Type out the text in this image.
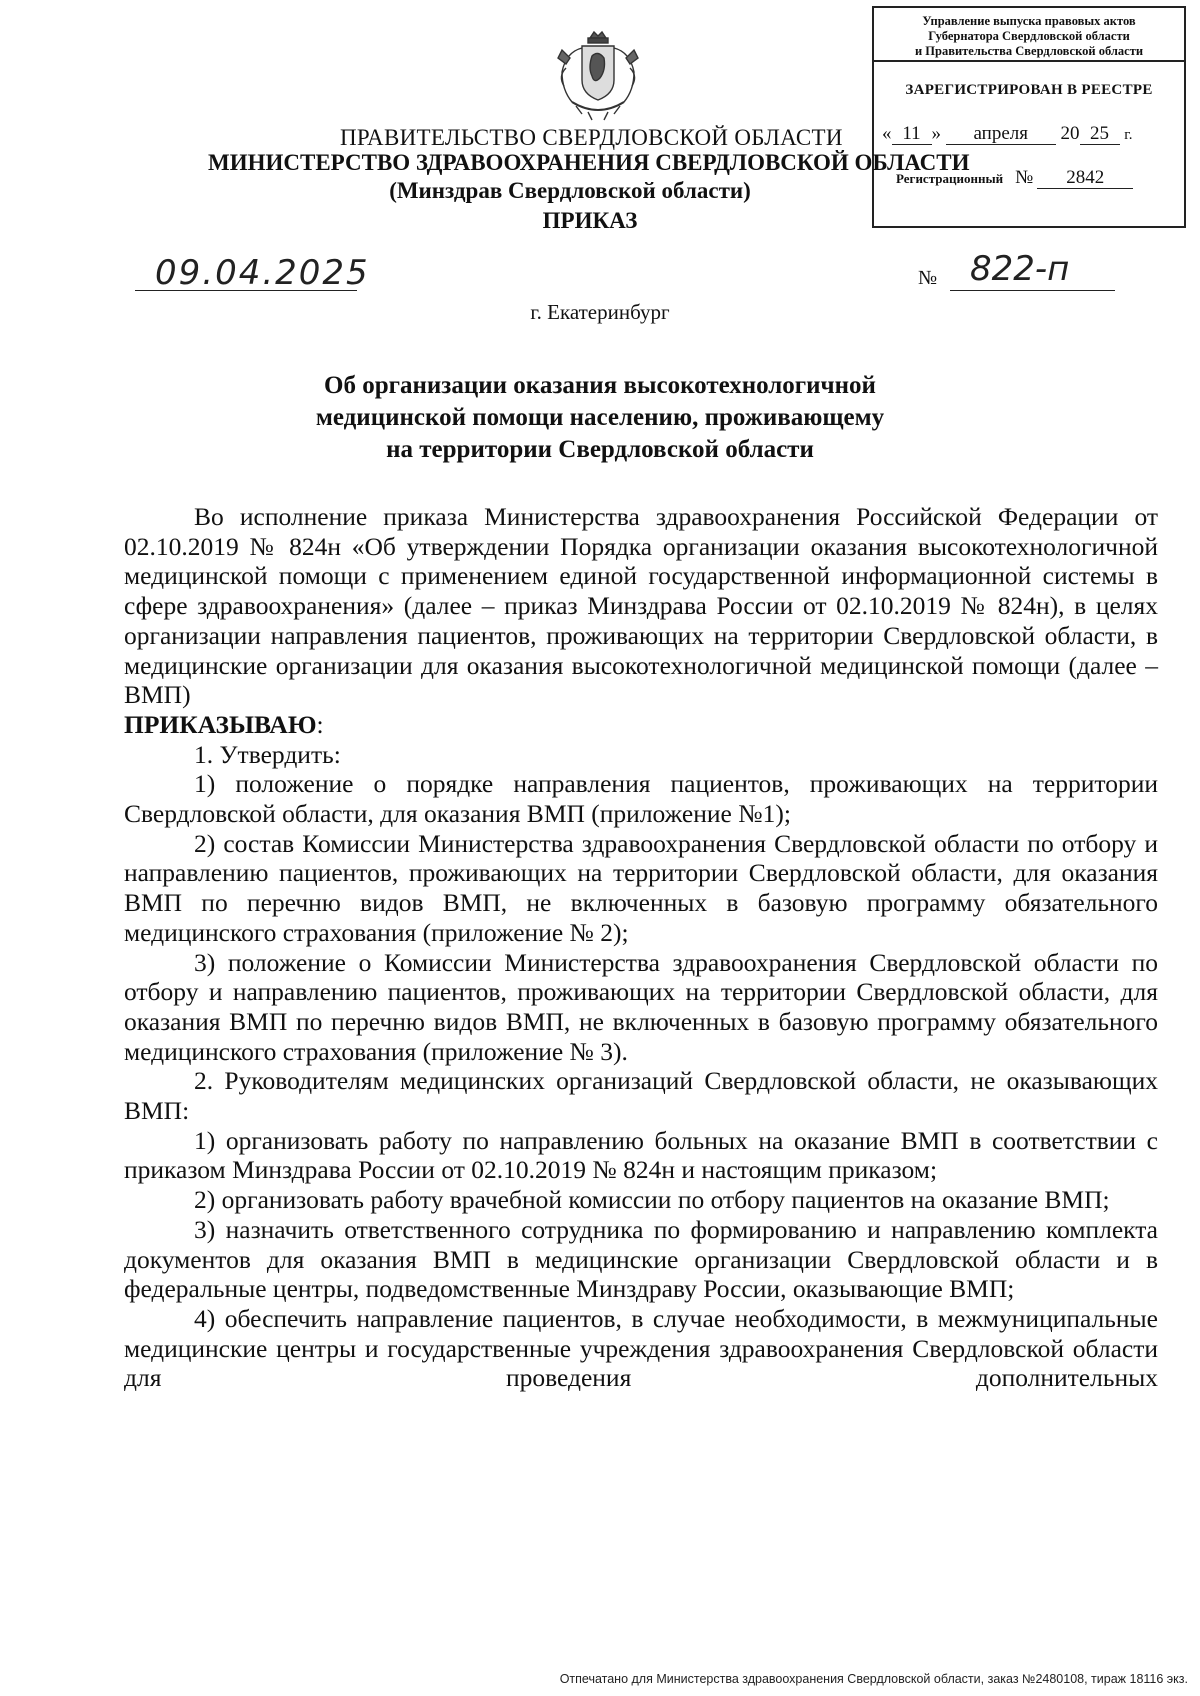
Управление выпуска правовых актов
Губернатора Свердловской области
и Правительства Свердловской области
ЗАРЕГИСТРИРОВАН В РЕЕСТРЕ
« 11 » апреля 20 25 г.
Регистрационный № 2842
ПРАВИТЕЛЬСТВО СВЕРДЛОВСКОЙ ОБЛАСТИ
МИНИСТЕРСТВО ЗДРАВООХРАНЕНИЯ СВЕРДЛОВСКОЙ ОБЛАСТИ
(Минздрав Свердловской области)
ПРИКАЗ
09.04.2025	№ 822-п
г. Екатеринбург
Об организации оказания высокотехнологичной
медицинской помощи населению, проживающему
на территории Свердловской области

Во исполнение приказа Министерства здравоохранения Российской Федерации от 02.10.2019 № 824н «Об утверждении Порядка организации оказания высокотехнологичной медицинской помощи с применением единой государственной информационной системы в сфере здравоохранения» (далее – приказ Минздрава России от 02.10.2019 № 824н), в целях организации направления пациентов, проживающих на территории Свердловской области, в медицинские организации для оказания высокотехнологичной медицинской помощи (далее – ВМП)

ПРИКАЗЫВАЮ:

1. Утвердить:

1) положение о порядке направления пациентов, проживающих на территории Свердловской области, для оказания ВМП (приложение №1);

2) состав Комиссии Министерства здравоохранения Свердловской области по отбору и направлению пациентов, проживающих на территории Свердловской области, для оказания ВМП по перечню видов ВМП, не включенных в базовую программу обязательного медицинского страхования (приложение № 2);

3) положение о Комиссии Министерства здравоохранения Свердловской области по отбору и направлению пациентов, проживающих на территории Свердловской области, для оказания ВМП по перечню видов ВМП, не включенных в базовую программу обязательного медицинского страхования (приложение № 3).

2. Руководителям медицинских организаций Свердловской области, не оказывающих ВМП:

1) организовать работу по направлению больных на оказание ВМП в соответствии с приказом Минздрава России от 02.10.2019 № 824н и настоящим приказом;

2) организовать работу врачебной комиссии по отбору пациентов на оказание ВМП;

3) назначить ответственного сотрудника по формированию и направлению комплекта документов для оказания ВМП в медицинские организации Свердловской области и в федеральные центры, подведомственные Минздраву России, оказывающие ВМП;

4) обеспечить направление пациентов, в случае необходимости, в межмуниципальные медицинские центры и государственные учреждения здравоохранения Свердловской области для проведения дополнительных

Отпечатано для Министерства здравоохранения Свердловской области, заказ №2480108, тираж 18116 экз.
